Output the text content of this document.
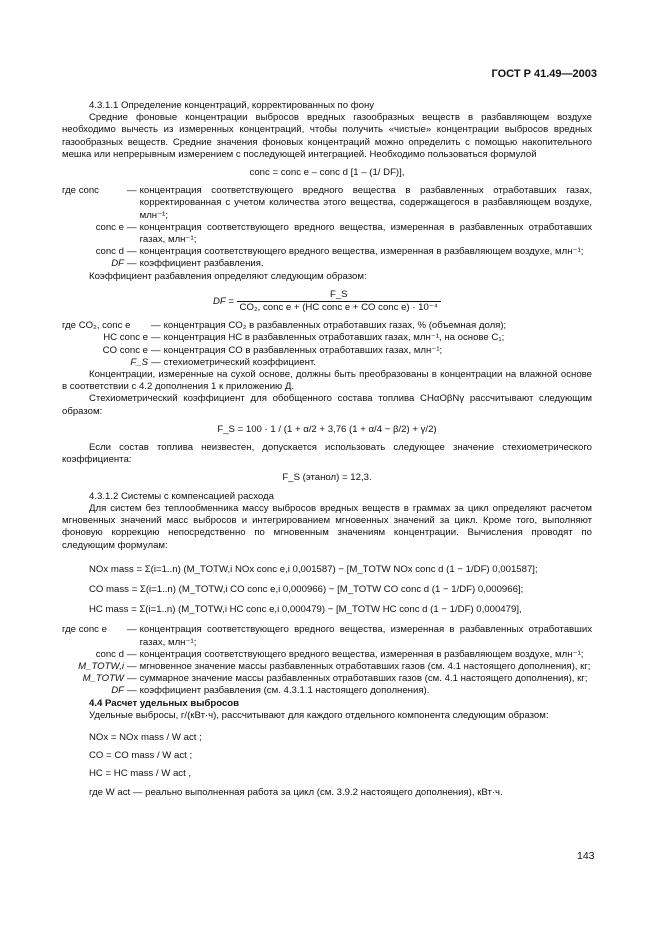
ГОСТ Р 41.49—2003

4.3.1.1 Определение концентраций, корректированных по фону

Средние фоновые концентрации выбросов вредных газообразных веществ в разбавляющем воздухе необходимо вычесть из измеренных концентраций, чтобы получить «чистые» концентрации выбросов вредных газообразных веществ. Средние значения фоновых концентраций можно определить с помощью накопительного мешка или непрерывным измерением с последующей интеграцией. Необходимо пользоваться формулой

conc = conc e – conc d [1 – (1/ DF)],

где conc	— концентрация соответствующего вредного вещества в разбавленных отработавших газах, корректированная с учетом количества этого вещества, содержащегося в разбавляющем воздухе, млн⁻¹;
conc e — концентрация соответствующего вредного вещества, измеренная в разбавленных отработавших газах, млн⁻¹;
conc d — концентрация соответствующего вредного вещества, измеренная в разбавляющем воздухе, млн⁻¹;
DF — коэффициент разбавления.

Коэффициент разбавления определяют следующим образом:

DF = $\frac{F\_S}{\text{CO₂, conc e + (HC conc e + CO conc e) · 10⁻⁴}}$
где CO₂, conc e	— концентрация CO₂ в разбавленных отработавших газах, % (объемная доля);
HC conc e — концентрация HC в разбавленных отработавших газах, млн⁻¹, на основе C₁;
CO conc e — концентрация CO в разбавленных отработавших газах, млн⁻¹;
F_S — стехиометрический коэффициент.

Концентрации, измеренные на сухой основе, должны быть преобразованы в концентрации на влажной основе в соответствии с 4.2 дополнения 1 к приложению Д.

Стехиометрический коэффициент для обобщенного состава топлива CHαOβNγ рассчитывают следующим образом:

F_S = 100 · 1 / (1 + α/2 + 3,76 (1 + α/4 − β/2) + γ/2)

Если состав топлива неизвестен, допускается использовать следующее значение стехиометрического коэффициента:

F_S (этанол) = 12,3.

4.3.1.2 Системы с компенсацией расхода

Для систем без теплообменника массу выбросов вредных веществ в граммах за цикл определяют расчетом мгновенных значений масс выбросов и интегрированием мгновенных значений за цикл. Кроме того, выполняют фоновую коррекцию непосредственно по мгновенным значениям концентрации. Вычисления проводят по следующим формулам:

NOx mass = Σ(i=1..n) (M_TOTW,i NOx conc e,i 0,001587) − [M_TOTW NOx conc d (1 − 1/DF) 0,001587];

CO mass = Σ(i=1..n) (M_TOTW,i CO conc e,i 0,000966) − [M_TOTW CO conc d (1 − 1/DF) 0,000966];

HC mass = Σ(i=1..n) (M_TOTW,i HC conc e,i 0,000479) − [M_TOTW HC conc d (1 − 1/DF) 0,000479],

где conc e	— концентрация соответствующего вредного вещества, измеренная в разбавленных отработавших газах, млн⁻¹;
conc d — концентрация соответствующего вредного вещества, измеренная в разбавляющем воздухе, млн⁻¹;
M_TOTW,i — мгновенное значение массы разбавленных отработавших газов (см. 4.1 настоящего дополнения), кг;
M_TOTW — суммарное значение массы разбавленных отработавших газов (см. 4.1 настоящего дополнения), кг;
DF — коэффициент разбавления (см. 4.3.1.1 настоящего дополнения).

4.4 Расчет удельных выбросов

Удельные выбросы, г/(кВт·ч), рассчитывают для каждого отдельного компонента следующим образом:

NOx = NOx mass / W act ;

CO = CO mass / W act ;

HC = HC mass / W act ,

где W act — реально выполненная работа за цикл (см. 3.9.2 настоящего дополнения), кВт·ч.

143
